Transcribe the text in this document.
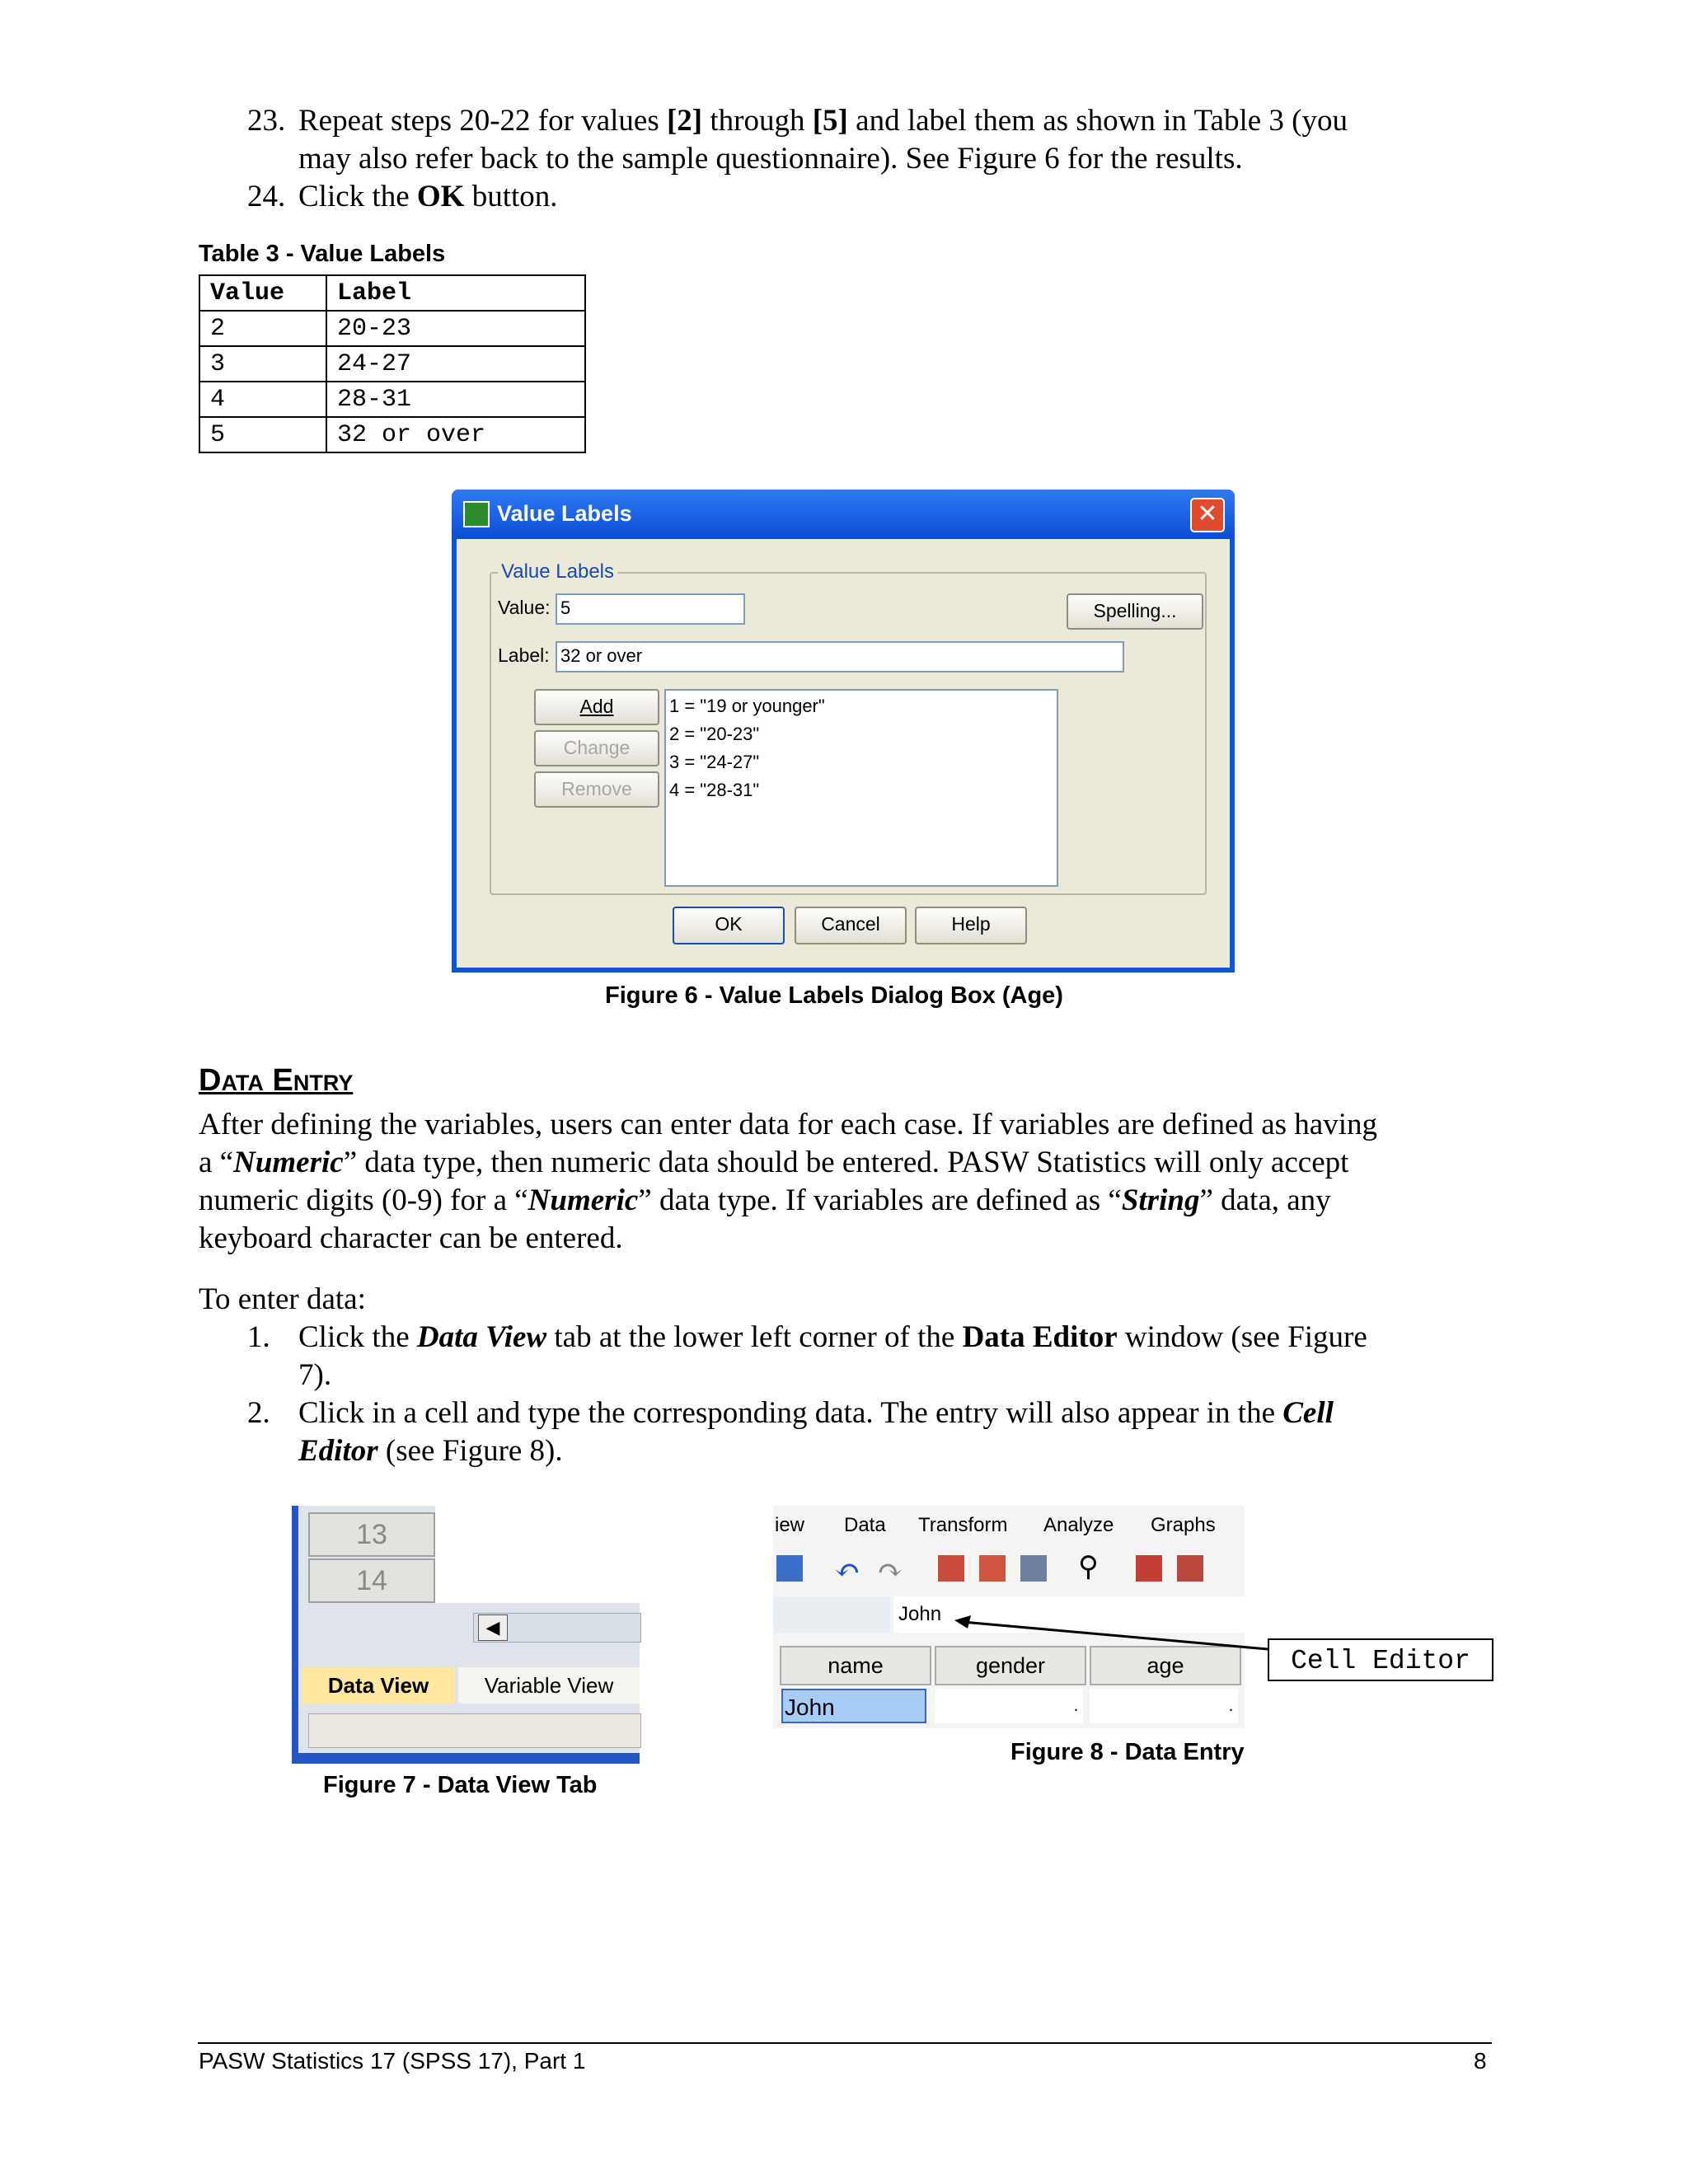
23. Repeat steps 20-22 for values [2] through [5] and label them as shown in Table 3 (you
may also refer back to the sample questionnaire). See Figure 6 for the results.
24. Click the OK button.
Table 3 - Value Labels
Value	Label
2	20-23
3	24-27
4	28-31
5	32 or over
Value Labels	✕
Value Labels
Value: 5	Spelling...
Label: 32 or over
Add
Change
Remove
1 = "19 or younger"
2 = "20-23"
3 = "24-27"
4 = "28-31"
OK	Cancel	Help
Figure 6 - Value Labels Dialog Box (Age)
Data Entry
After defining the variables, users can enter data for each case. If variables are defined as having
a “Numeric” data type, then numeric data should be entered. PASW Statistics will only accept
numeric digits (0-9) for a “Numeric” data type. If variables are defined as “String” data, any
keyboard character can be entered.
To enter data:
1. Click the Data View tab at the lower left corner of the Data Editor window (see Figure
7).
2. Click in a cell and type the corresponding data. The entry will also appear in the Cell
Editor (see Figure 8).
13
14
◀
Data View	Variable View
Figure 7 - Data View Tab
iew Data Transform Analyze Graphs
↶ ↷	⚲
John
name	gender	age
John	.	.
Cell Editor
Figure 8 - Data Entry
PASW Statistics 17 (SPSS 17), Part 1	8
